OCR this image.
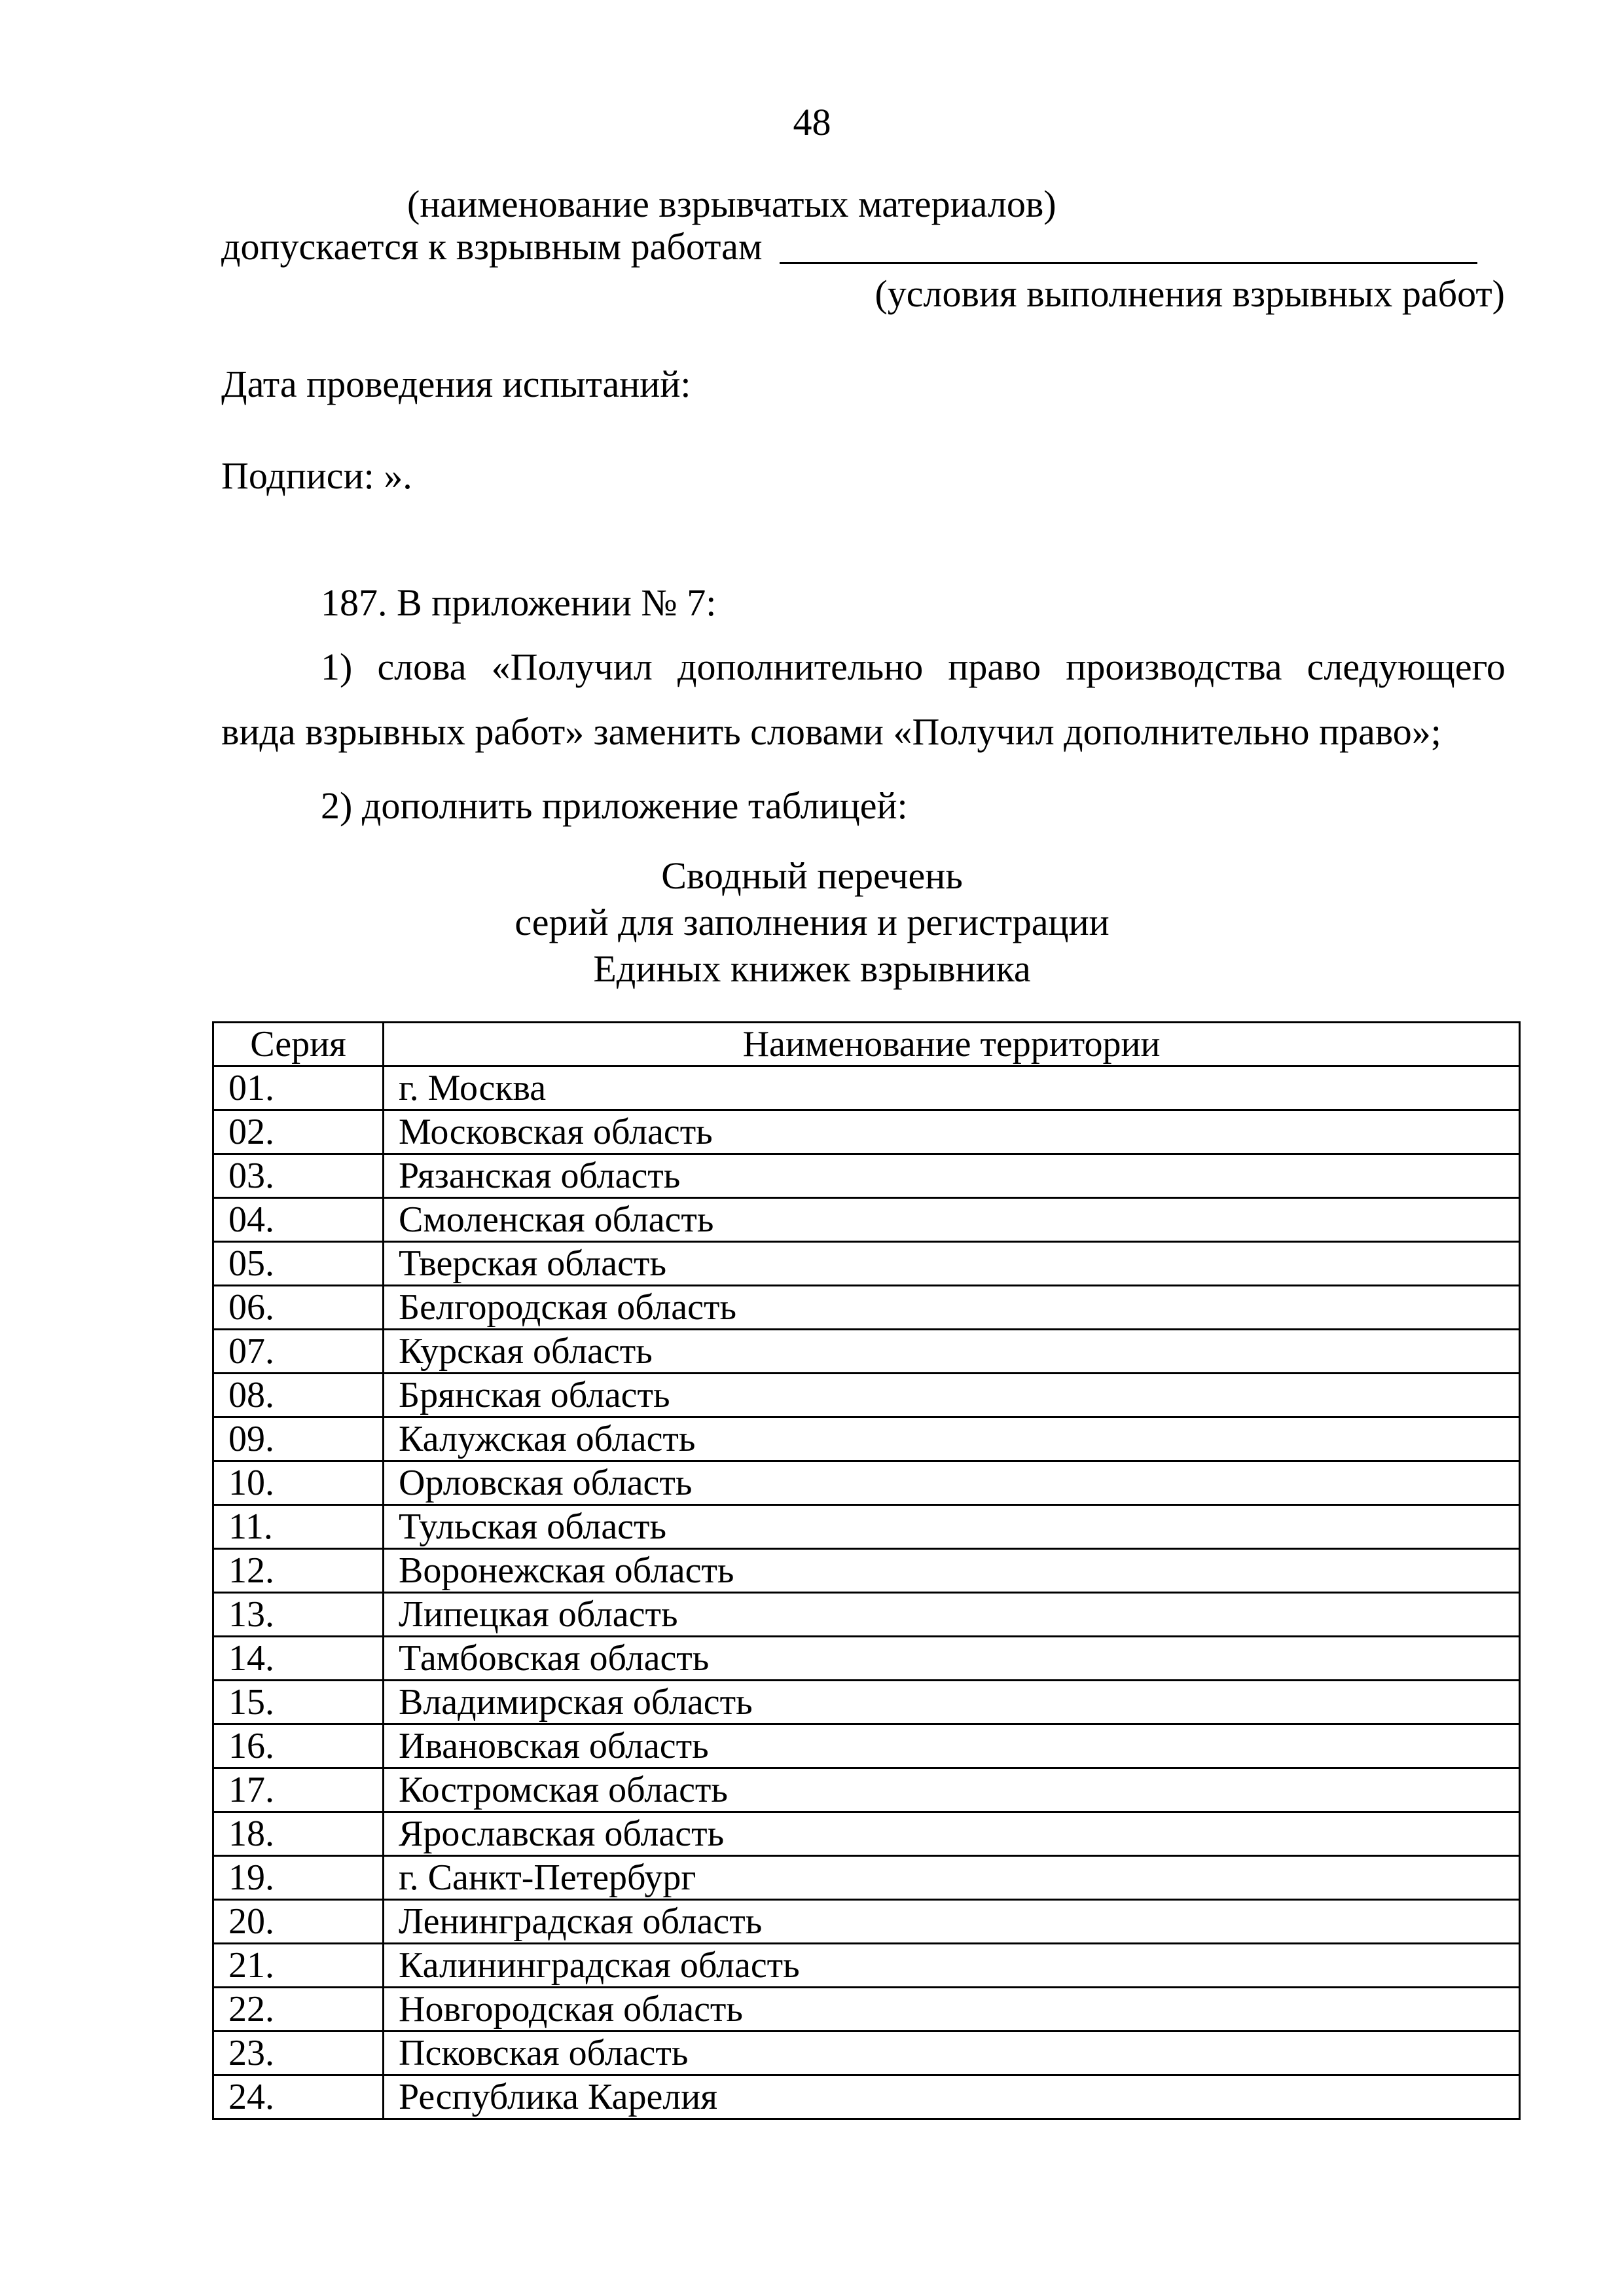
48
(наименование взрывчатых материалов)
допускается к взрывным работам
(условия выполнения взрывных работ)
Дата проведения испытаний:
Подписи: ».
187. В приложении № 7:
1) слова «Получил дополнительно право производства следующего
вида взрывных работ» заменить словами «Получил дополнительно право»;
2) дополнить приложение таблицей:
Сводный перечень
серий для заполнения и регистрации
Единых книжек взрывника
Серия	Наименование территории
01.	г. Москва
02.	Московская область
03.	Рязанская область
04.	Смоленская область
05.	Тверская область
06.	Белгородская область
07.	Курская область
08.	Брянская область
09.	Калужская область
10.	Орловская область
11.	Тульская область
12.	Воронежская область
13.	Липецкая область
14.	Тамбовская область
15.	Владимирская область
16.	Ивановская область
17.	Костромская область
18.	Ярославская область
19.	г. Санкт-Петербург
20.	Ленинградская область
21.	Калининградская область
22.	Новгородская область
23.	Псковская область
24.	Республика Карелия
